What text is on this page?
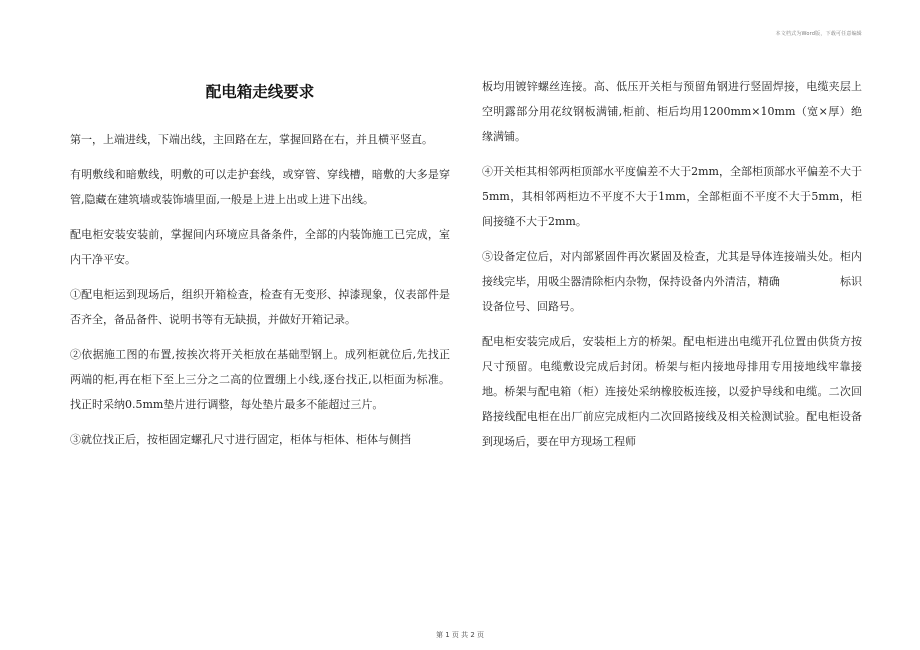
本文档式为Word版，下载可任意编辑
配电箱走线要求

第一，上端进线，下端出线，主回路在左，掌握回路在右，并且横平竖直。

有明敷线和暗敷线，明敷的可以走护套线，或穿管、穿线槽，暗敷的大多是穿管,隐藏在建筑墙或装饰墙里面,一般是上进上出或上进下出线。

配电柜安装安装前，掌握间内环境应具备条件，全部的内装饰施工已完成，室内干净平安。

①配电柜运到现场后，组织开箱检查，检查有无变形、掉漆现象，仪表部件是否齐全，备品备件、说明书等有无缺损，并做好开箱记录。

②依据施工图的布置,按挨次将开关柜放在基础型钢上。成列柜就位后,先找正两端的柜,再在柜下至上三分之二高的位置绷上小线,逐台找正,以柜面为标准。找正时采纳0.5mm垫片进行调整，每处垫片最多不能超过三片。

③就位找正后，按柜固定螺孔尺寸进行固定，柜体与柜体、柜体与侧挡

板均用镀锌螺丝连接。高、低压开关柜与预留角钢进行竖固焊接，电缆夹层上空明露部分用花纹钢板满铺,柜前、柜后均用1200mm×10mm（宽×厚）绝缘满铺。

④开关柜其相邻两柜顶部水平度偏差不大于2mm，全部柜顶部水平偏差不大于5mm，其相邻两柜边不平度不大于1mm，全部柜面不平度不大于5mm，柜间接缝不大于2mm。

⑤设备定位后，对内部紧固件再次紧固及检查，尤其是导体连接端头处。柜内接线完毕，用吸尘器清除柜内杂物，保持设备内外清洁，精确	标识设备位号、回路号。

配电柜安装完成后，安装柜上方的桥架。配电柜进出电缆开孔位置由供货方按尺寸预留。电缆敷设完成后封闭。桥架与柜内接地母排用专用接地线牢靠接地。桥架与配电箱（柜）连接处采纳橡胶板连接，以爱护导线和电缆。二次回路接线配电柜在出厂前应完成柜内二次回路接线及相关检测试验。配电柜设备到现场后，要在甲方现场工程师

第 1 页 共 2 页
